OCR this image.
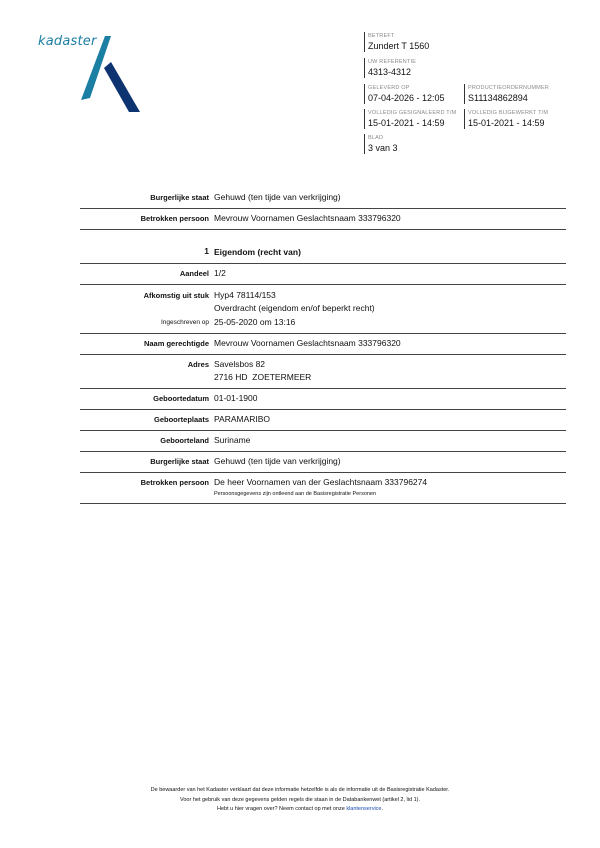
kadaster	BETREFT
Zundert T 1560
UW REFERENTIE
4313-4312
GELEVERD OP
07-04-2026 - 12:05
PRODUCTIEORDERNUMMER
S11134862894
VOLLEDIG GESIGNALEERD T/M
15-01-2021 - 14:59
VOLLEDIG BIJGEWERKT T/M
15-01-2021 - 14:59
BLAD
3 van 3
Burgerlijke staat Gehuwd (ten tijde van verkrijging)
Betrokken persoon Mevrouw Voornamen Geslachtsnaam 333796320
1 Eigendom (recht van)
Aandeel 1/2
Afkomstig uit stuk Hyp4 78114/153
Overdracht (eigendom en/of beperkt recht)
Ingeschreven op 25-05-2020 om 13:16
Naam gerechtigde Mevrouw Voornamen Geslachtsnaam 333796320
Adres Savelsbos 82
2716 HD  ZOETERMEER
Geboortedatum 01-01-1900
Geboorteplaats PARAMARIBO
Geboorteland Suriname
Burgerlijke staat Gehuwd (ten tijde van verkrijging)
Betrokken persoon De heer Voornamen van der Geslachtsnaam 333796274
Persoonsgegevens zijn ontleend aan de Basisregistratie Personen
De bewaarder van het Kadaster verklaart dat deze informatie hetzelfde is als de informatie uit de Basisregistratie Kadaster.
Voor het gebruik van deze gegevens gelden regels die staan in de Databankenwet (artikel 2, lid 1).
Hebt u hier vragen over? Neem contact op met onze klantenservice.
